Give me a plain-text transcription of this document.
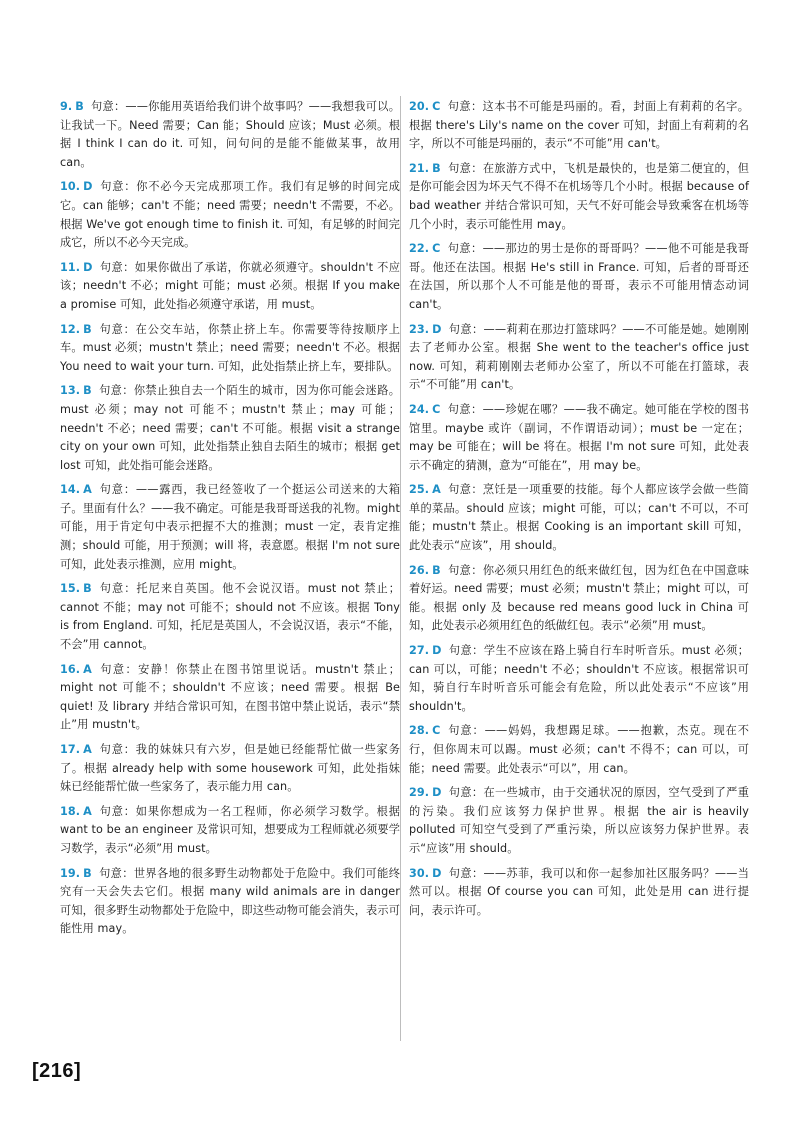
9. B 句意：——你能用英语给我们讲个故事吗？——我想我可以。让我试一下。Need 需要；Can 能；Should 应该；Must 必须。根据 I think I can do it. 可知，问句问的是能不能做某事，故用 can。

10. D 句意：你不必今天完成那项工作。我们有足够的时间完成它。can 能够；can't 不能；need 需要；needn't 不需要，不必。根据 We've got enough time to finish it. 可知，有足够的时间完成它，所以不必今天完成。

11. D 句意：如果你做出了承诺，你就必须遵守。shouldn't 不应该；needn't 不必；might 可能；must 必须。根据 If you make a promise 可知，此处指必须遵守承诺，用 must。

12. B 句意：在公交车站，你禁止挤上车。你需要等待按顺序上车。must 必须；mustn't 禁止；need 需要；needn't 不必。根据 You need to wait your turn. 可知，此处指禁止挤上车，要排队。

13. B 句意：你禁止独自去一个陌生的城市，因为你可能会迷路。must 必须；may not 可能不；mustn't 禁止；may 可能；needn't 不必；need 需要；can't 不可能。根据 visit a strange city on your own 可知，此处指禁止独自去陌生的城市；根据 get lost 可知，此处指可能会迷路。

14. A 句意：——露西，我已经签收了一个挺运公司送来的大箱子。里面有什么？——我不确定。可能是我哥哥送我的礼物。might 可能，用于肯定句中表示把握不大的推测；must 一定，表肯定推测；should 可能，用于预测；will 将，表意愿。根据 I'm not sure 可知，此处表示推测，应用 might。

15. B 句意：托尼来自英国。他不会说汉语。must not 禁止；cannot 不能；may not 可能不；should not 不应该。根据 Tony is from England. 可知，托尼是英国人，不会说汉语，表示“不能，不会”用 cannot。

16. A 句意：安静！你禁止在图书馆里说话。mustn't 禁止；might not 可能不；shouldn't 不应该；need 需要。根据 Be quiet! 及 library 并结合常识可知，在图书馆中禁止说话，表示“禁止”用 mustn't。

17. A 句意：我的妹妹只有六岁，但是她已经能帮忙做一些家务了。根据 already help with some housework 可知，此处指妹妹已经能帮忙做一些家务了，表示能力用 can。

18. A 句意：如果你想成为一名工程师，你必须学习数学。根据 want to be an engineer 及常识可知，想要成为工程师就必须要学习数学，表示“必须”用 must。

19. B 句意：世界各地的很多野生动物都处于危险中。我们可能终究有一天会失去它们。根据 many wild animals are in danger 可知，很多野生动物都处于危险中，即这些动物可能会消失，表示可能性用 may。

20. C 句意：这本书不可能是玛丽的。看，封面上有莉莉的名字。根据 there's Lily's name on the cover 可知，封面上有莉莉的名字，所以不可能是玛丽的，表示“不可能”用 can't。

21. B 句意：在旅游方式中，飞机是最快的，也是第二便宜的，但是你可能会因为坏天气不得不在机场等几个小时。根据 because of bad weather 并结合常识可知，天气不好可能会导致乘客在机场等几个小时，表示可能性用 may。

22. C 句意：——那边的男士是你的哥哥吗？——他不可能是我哥哥。他还在法国。根据 He's still in France. 可知，后者的哥哥还在法国，所以那个人不可能是他的哥哥，表示不可能用情态动词 can't。

23. D 句意：——莉莉在那边打篮球吗？——不可能是她。她刚刚去了老师办公室。根据 She went to the teacher's office just now. 可知，莉莉刚刚去老师办公室了，所以不可能在打篮球，表示“不可能”用 can't。

24. C 句意：——珍妮在哪？——我不确定。她可能在学校的图书馆里。maybe 或许（副词，不作谓语动词）；must be 一定在；may be 可能在；will be 将在。根据 I'm not sure 可知，此处表示不确定的猜测，意为“可能在”，用 may be。

25. A 句意：烹饪是一项重要的技能。每个人都应该学会做一些简单的菜品。should 应该；might 可能，可以；can't 不可以，不可能；mustn't 禁止。根据 Cooking is an important skill 可知，此处表示“应该”，用 should。

26. B 句意：你必须只用红色的纸来做红包，因为红色在中国意味着好运。need 需要；must 必须；mustn't 禁止；might 可以，可能。根据 only 及 because red means good luck in China 可知，此处表示必须用红色的纸做红包。表示“必须”用 must。

27. D 句意：学生不应该在路上骑自行车时听音乐。must 必须；can 可以，可能；needn't 不必；shouldn't 不应该。根据常识可知，骑自行车时听音乐可能会有危险，所以此处表示“不应该”用 shouldn't。

28. C 句意：——妈妈，我想踢足球。——抱歉，杰克。现在不行，但你周末可以踢。must 必须；can't 不得不；can 可以，可能；need 需要。此处表示“可以”，用 can。

29. D 句意：在一些城市，由于交通状况的原因，空气受到了严重的污染。我们应该努力保护世界。根据 the air is heavily polluted 可知空气受到了严重污染，所以应该努力保护世界。表示“应该”用 should。

30. D 句意：——苏菲，我可以和你一起参加社区服务吗？——当然可以。根据 Of course you can 可知，此处是用 can 进行提问，表示许可。

[216]
